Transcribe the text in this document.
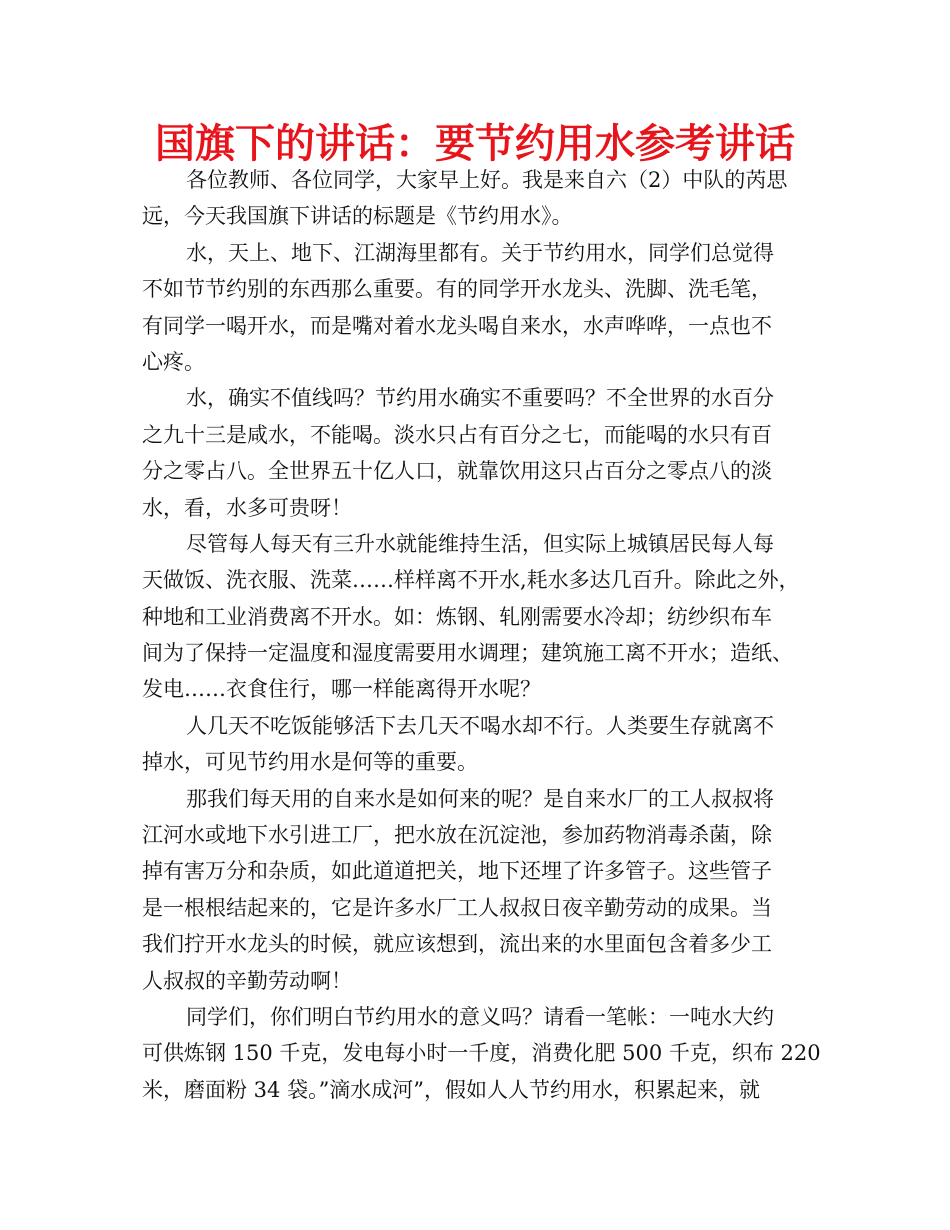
国旗下的讲话：要节约用水参考讲话
各位教师、各位同学，大家早上好。我是来自六（2）中队的芮思
远，今天我国旗下讲话的标题是《节约用水》。
水，天上、地下、江湖海里都有。关于节约用水，同学们总觉得
不如节节约别的东西那么重要。有的同学开水龙头、洗脚、洗毛笔，
有同学一喝开水，而是嘴对着水龙头喝自来水，水声哗哗，一点也不
心疼。
水，确实不值线吗？节约用水确实不重要吗？不全世界的水百分
之九十三是咸水，不能喝。淡水只占有百分之七，而能喝的水只有百
分之零占八。全世界五十亿人口，就靠饮用这只占百分之零点八的淡
水，看，水多可贵呀！
尽管每人每天有三升水就能维持生活，但实际上城镇居民每人每
天做饭、洗衣服、洗菜……样样离不开水,耗水多达几百升。除此之外，
种地和工业消费离不开水。如：炼钢、轧刚需要水冷却；纺纱织布车
间为了保持一定温度和湿度需要用水调理；建筑施工离不开水；造纸、
发电……衣食住行，哪一样能离得开水呢？
人几天不吃饭能够活下去几天不喝水却不行。人类要生存就离不
掉水，可见节约用水是何等的重要。
那我们每天用的自来水是如何来的呢？是自来水厂的工人叔叔将
江河水或地下水引进工厂，把水放在沉淀池，参加药物消毒杀菌，除
掉有害万分和杂质，如此道道把关，地下还埋了许多管子。这些管子
是一根根结起来的，它是许多水厂工人叔叔日夜辛勤劳动的成果。当
我们拧开水龙头的时候，就应该想到，流出来的水里面包含着多少工
人叔叔的辛勤劳动啊！
同学们，你们明白节约用水的意义吗？请看一笔帐：一吨水大约
可供炼钢 150 千克，发电每小时一千度，消费化肥 500 千克，织布 220
米，磨面粉 34 袋。”滴水成河”，假如人人节约用水，积累起来，就
